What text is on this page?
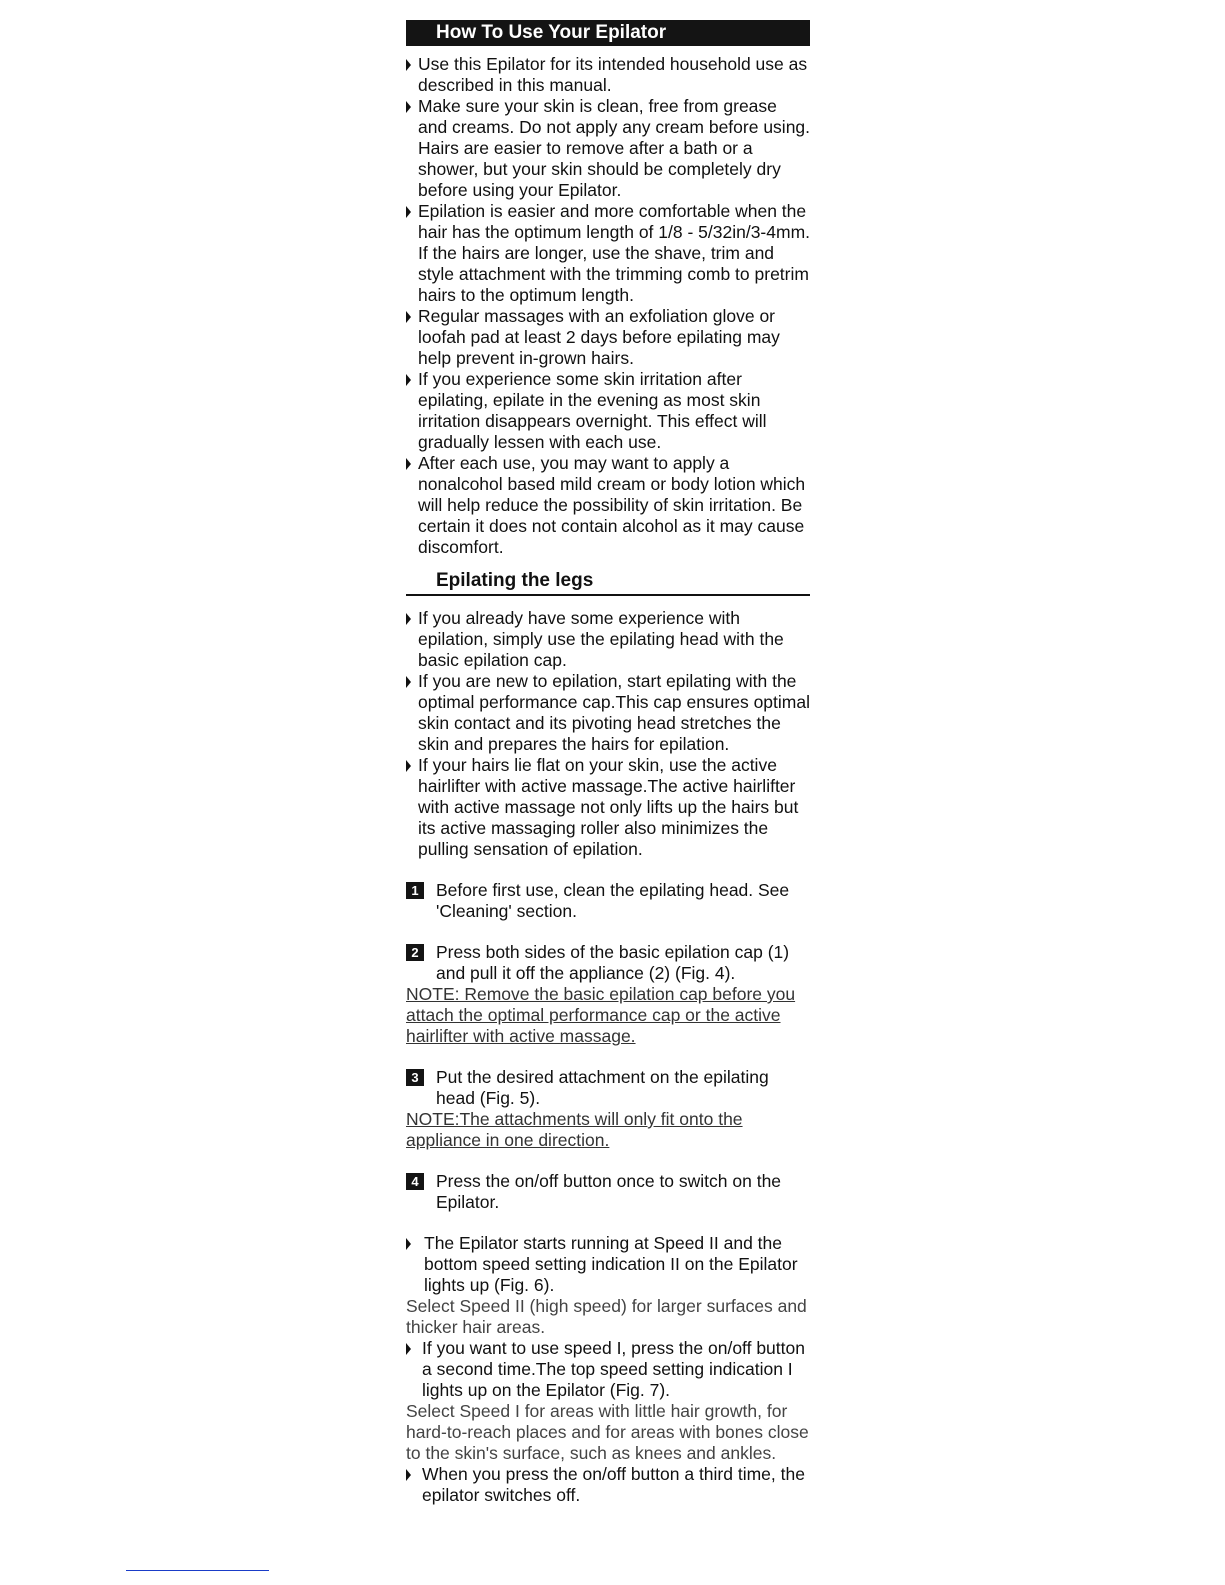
How To Use Your Epilator
Use this Epilator for its intended household use as described in this manual.
Make sure your skin is clean, free from grease and creams. Do not apply any cream before using. Hairs are easier to remove after a bath or a shower, but your skin should be completely dry before using your Epilator.
Epilation is easier and more comfortable when the hair has the optimum length of 1/8 - 5/32in/3-4mm. If the hairs are longer, use the shave, trim and style attachment with the trimming comb to pretrim hairs to the optimum length.
Regular massages with an exfoliation glove or loofah pad at least 2 days before epilating may help prevent in-grown hairs.
If you experience some skin irritation after epilating, epilate in the evening as most skin irritation disappears overnight. This effect will gradually lessen with each use.
After each use, you may want to apply a nonalcohol based mild cream or body lotion which will help reduce the possibility of skin irritation. Be certain it does not contain alcohol as it may cause discomfort.
Epilating the legs
If you already have some experience with epilation, simply use the epilating head with the basic epilation cap.
If you are new to epilation, start epilating with the optimal performance cap.This cap ensures optimal skin contact and its pivoting head stretches the skin and prepares the hairs for epilation.
If your hairs lie flat on your skin, use the active hairlifter with active massage.The active hairlifter with active massage not only lifts up the hairs but its active massaging roller also minimizes the pulling sensation of epilation.
1 Before first use, clean the epilating head. See 'Cleaning' section.
2 Press both sides of the basic epilation cap (1) and pull it off the appliance (2) (Fig. 4).
NOTE: Remove the basic epilation cap before you attach the optimal performance cap or the active hairlifter with active massage.
3 Put the desired attachment on the epilating head (Fig. 5).
NOTE:The attachments will only fit onto the appliance in one direction.
4 Press the on/off button once to switch on the Epilator.
The Epilator starts running at Speed II and the bottom speed setting indication II on the Epilator lights up (Fig. 6).
Select Speed II (high speed) for larger surfaces and thicker hair areas.
If you want to use speed I, press the on/off button a second time.The top speed setting indication I lights up on the Epilator (Fig. 7).
Select Speed I for areas with little hair growth, for hard-to-reach places and for areas with bones close to the skin's surface, such as knees and ankles.
When you press the on/off button a third time, the epilator switches off.
